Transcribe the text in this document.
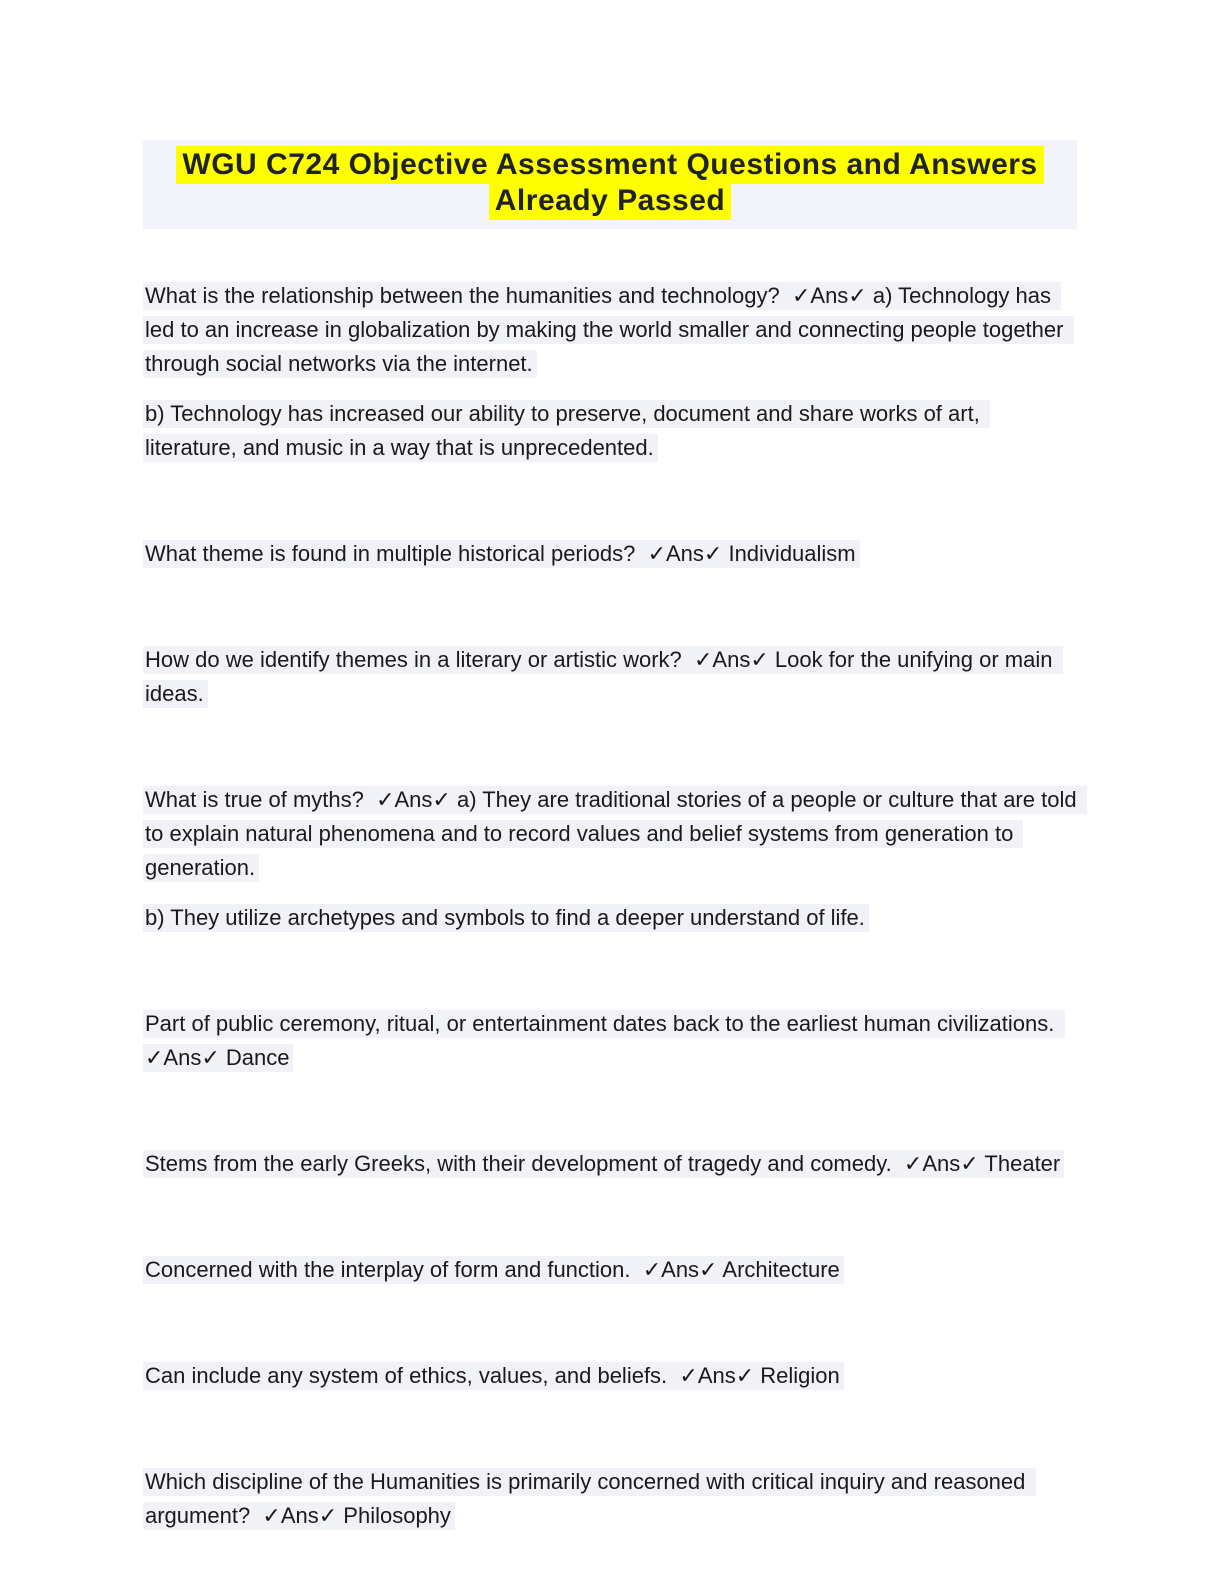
WGU C724 Objective Assessment Questions and Answers
Already Passed

What is the relationship between the humanities and technology?  ✓Ans✓ a) Technology has led to an increase in globalization by making the world smaller and connecting people together through social networks via the internet.

b) Technology has increased our ability to preserve, document and share works of art, literature, and music in a way that is unprecedented.

What theme is found in multiple historical periods?  ✓Ans✓ Individualism

How do we identify themes in a literary or artistic work?  ✓Ans✓ Look for the unifying or main ideas.

What is true of myths?  ✓Ans✓ a) They are traditional stories of a people or culture that are told to explain natural phenomena and to record values and belief systems from generation to generation.

b) They utilize archetypes and symbols to find a deeper understand of life.

Part of public ceremony, ritual, or entertainment dates back to the earliest human civilizations. ✓Ans✓ Dance

Stems from the early Greeks, with their development of tragedy and comedy.  ✓Ans✓ Theater

Concerned with the interplay of form and function.  ✓Ans✓ Architecture

Can include any system of ethics, values, and beliefs.  ✓Ans✓ Religion

Which discipline of the Humanities is primarily concerned with critical inquiry and reasoned argument?  ✓Ans✓ Philosophy
